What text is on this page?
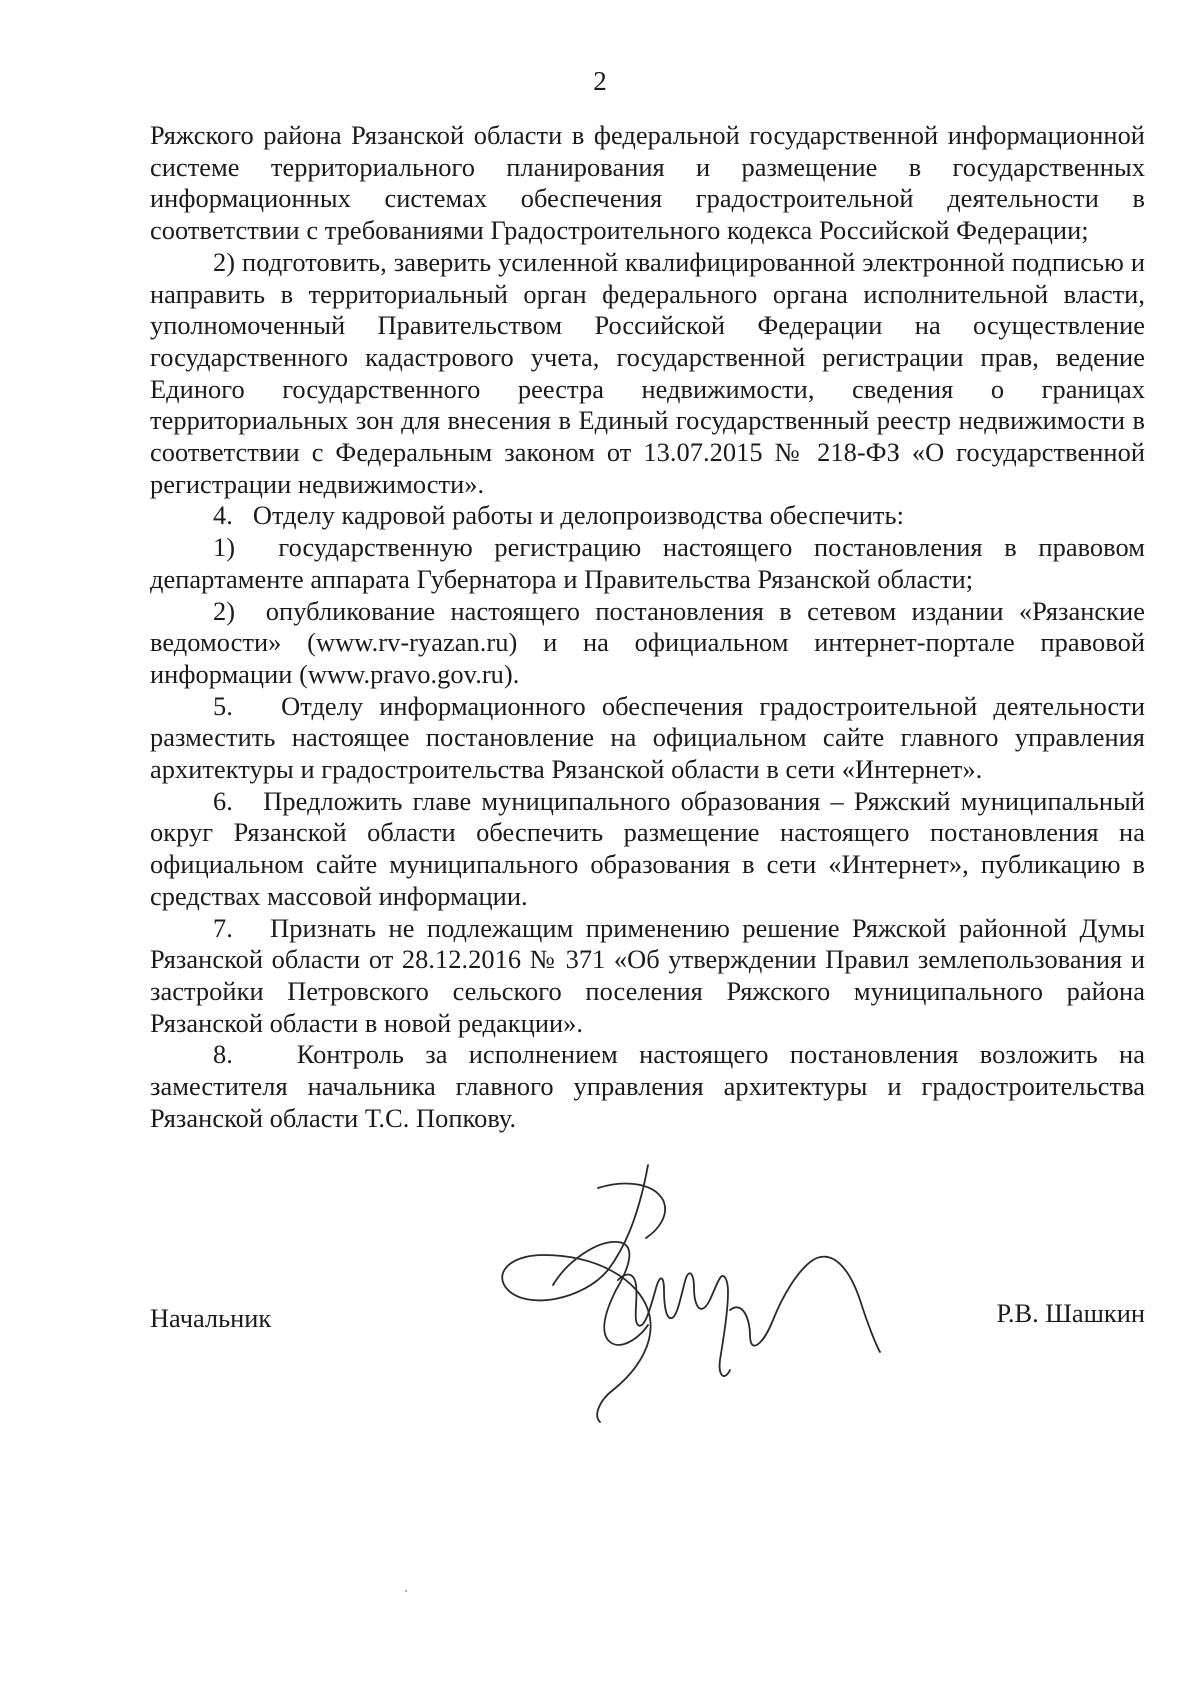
2

Ряжского района Рязанской области в федеральной государственной информационной системе территориального планирования и размещение в государственных информационных системах обеспечения градостроительной деятельности в соответствии с требованиями Градостроительного кодекса Российской Федерации;

2) подготовить, заверить усиленной квалифицированной электронной подписью и направить в территориальный орган федерального органа исполнительной власти, уполномоченный Правительством Российской Федерации на осуществление государственного кадастрового учета, государственной регистрации прав, ведение Единого государственного реестра недвижимости, сведения о границах территориальных зон для внесения в Единый государственный реестр недвижимости в соответствии с Федеральным законом от 13.07.2015 № 218-ФЗ «О государственной регистрации недвижимости».

4.   Отделу кадровой работы и делопроизводства обеспечить:

1)  государственную регистрацию настоящего постановления в правовом департаменте аппарата Губернатора и Правительства Рязанской области;

2)  опубликование настоящего постановления в сетевом издании «Рязанские ведомости» (www.rv-ryazan.ru) и на официальном интернет-портале правовой информации (www.pravo.gov.ru).

5.   Отделу информационного обеспечения градостроительной деятельности разместить настоящее постановление на официальном сайте главного управления архитектуры и градостроительства Рязанской области в сети «Интернет».

6.   Предложить главе муниципального образования – Ряжский муниципальный округ Рязанской области обеспечить размещение настоящего постановления на официальном сайте муниципального образования в сети «Интернет», публикацию в средствах массовой информации.

7.   Признать не подлежащим применению решение Ряжской районной Думы Рязанской области от 28.12.2016 № 371 «Об утверждении Правил землепользования и застройки Петровского сельского поселения Ряжского муниципального района Рязанской области в новой редакции».

8.   Контроль за исполнением настоящего постановления возложить на заместителя начальника главного управления архитектуры и градостроительства Рязанской области Т.С. Попкову.

Начальник	Р.В. Шашкин
